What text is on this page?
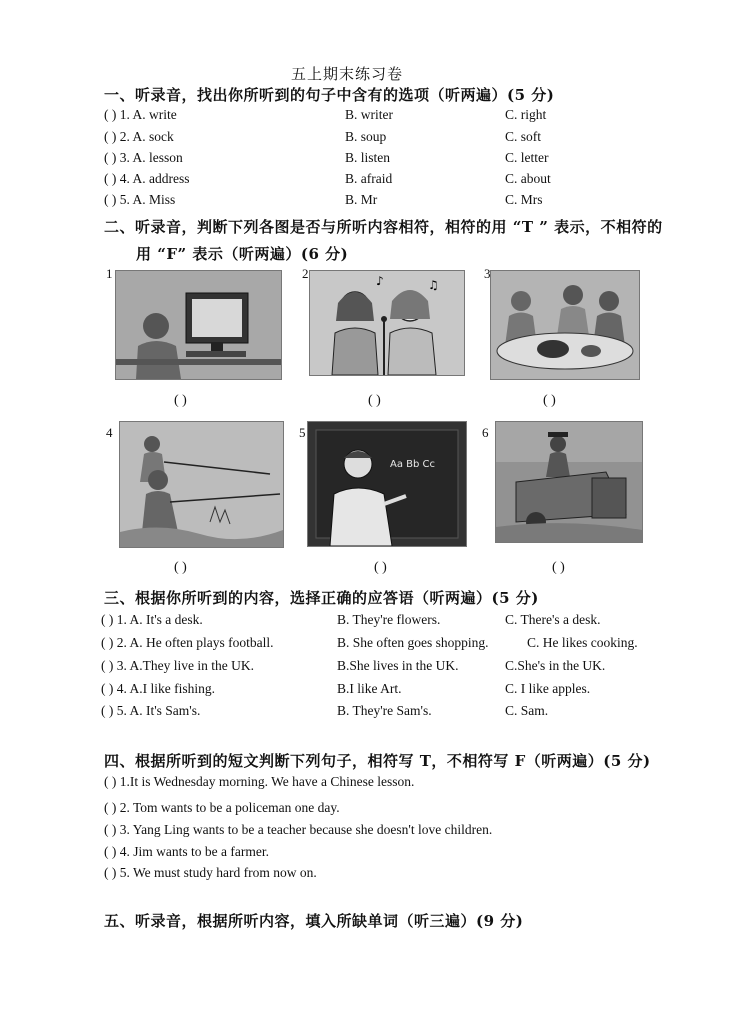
五上期末练习卷
一、听录音，找出你所听到的句子中含有的选项（听两遍）(5 分)
( ) 1. A. write	B. writer	C. right
( ) 2. A. sock	B. soup	C. soft
( ) 3. A. lesson	B. listen	C. letter
( ) 4. A. address	B. afraid	C. about
( ) 5. A. Miss	B. Mr	C. Mrs
二、听录音，判断下列各图是否与所听内容相符，相符的用 “T ” 表示，不相符的
用 “F” 表示（听两遍）(6 分)
1
( )
2	♪	♫
( )
3
( )
4
( )
5
Aa Bb Cc
( )
6
( )
三、根据你所听到的内容，选择正确的应答语（听两遍）(5 分)
( ) 1. A. It's a desk.	B. They're flowers.	C. There's a desk.
( ) 2. A. He often plays football.	B. She often goes shopping.	C. He likes cooking.
( ) 3. A.They live in the UK.	B.She lives in the UK.	C.She's in the UK.
( ) 4. A.I like fishing.	B.I like Art.	C. I like apples.
( ) 5. A. It's Sam's.	B. They're Sam's.	C. Sam.
四、根据所听到的短文判断下列句子，相符写 T，不相符写 F（听两遍）(5 分)
( ) 1.It is Wednesday morning. We have a Chinese lesson.
( ) 2. Tom wants to be a policeman one day.
( ) 3. Yang Ling wants to be a teacher because she doesn't love children.
( ) 4. Jim wants to be a farmer.
( ) 5. We must study hard from now on.
五、听录音，根据所听内容，填入所缺单词（听三遍）(9 分)
